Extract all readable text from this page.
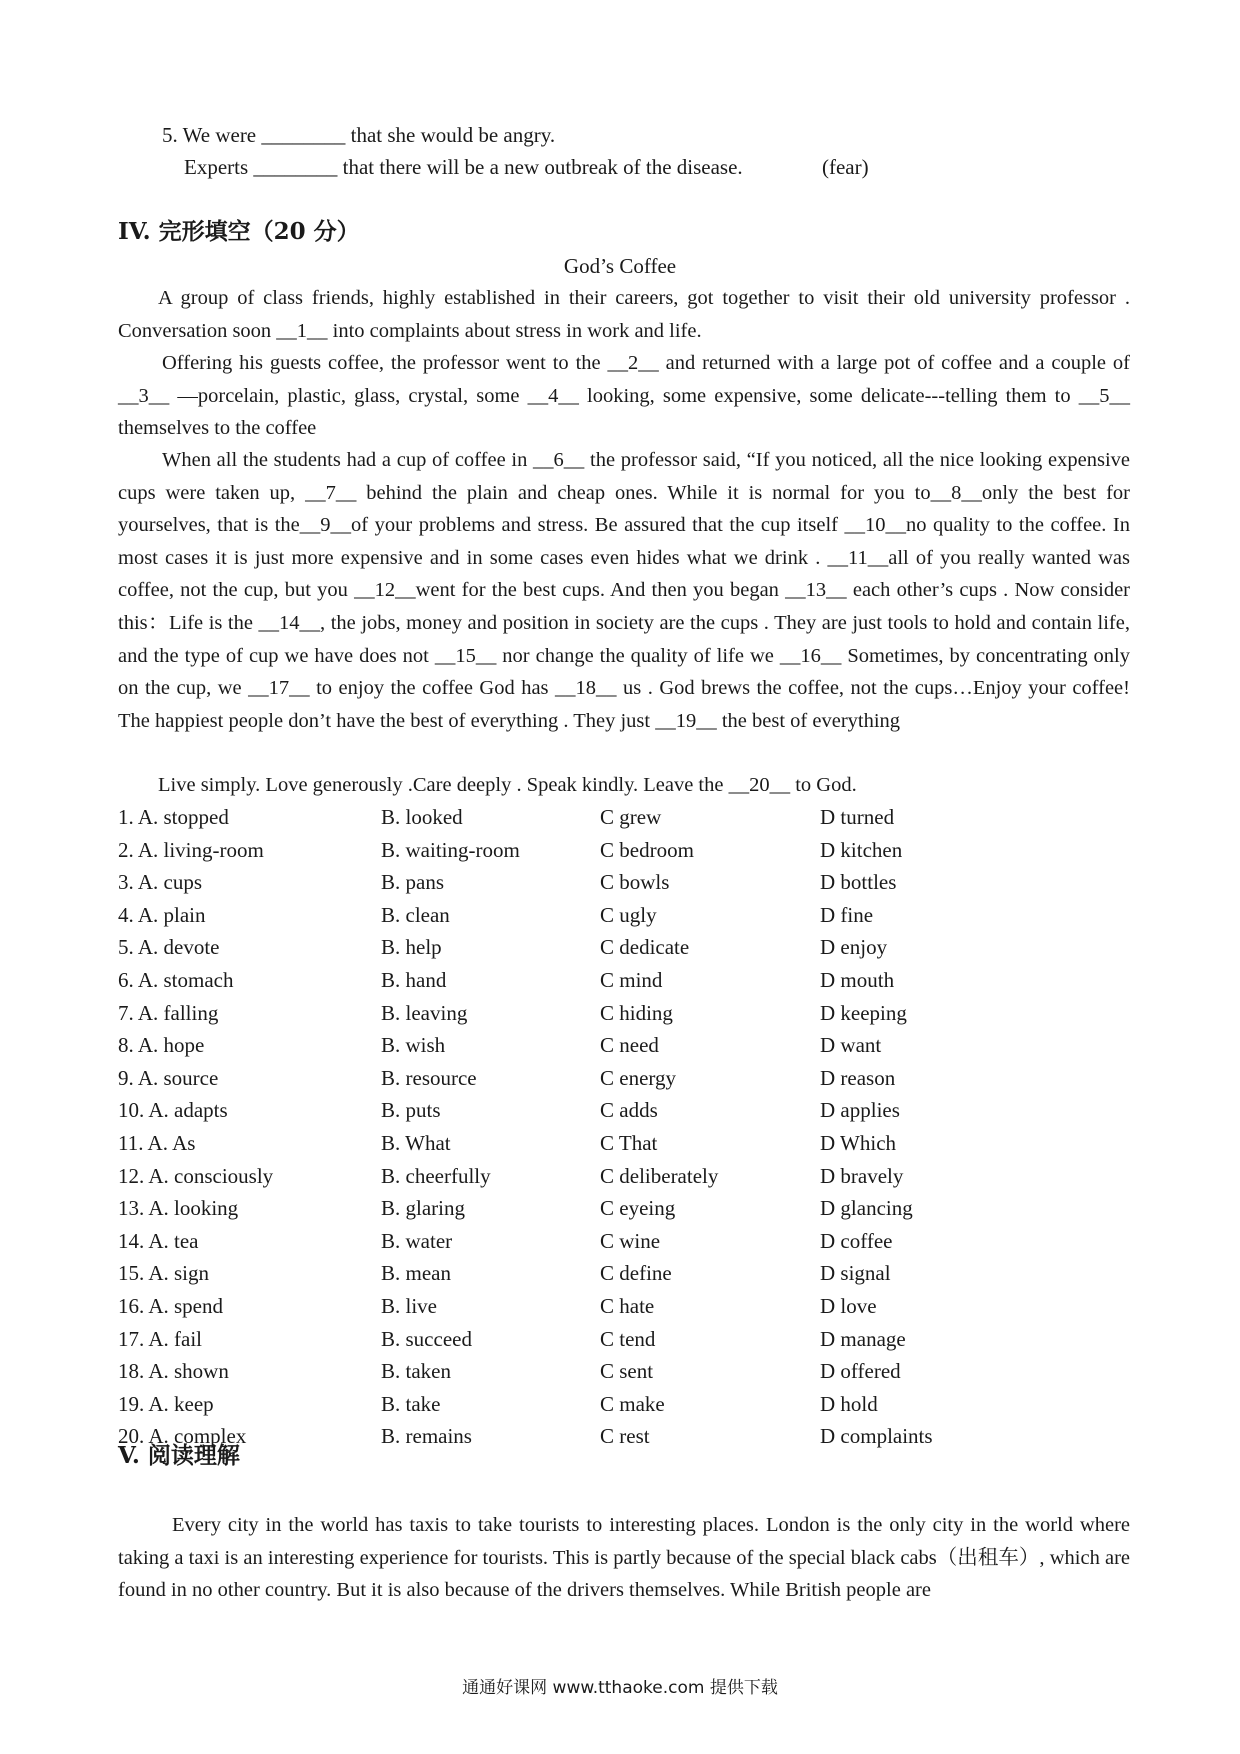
5. We were ________ that she would be angry.
Experts ________ that there will be a new outbreak of the disease.	(fear)
IV. 完形填空（20 分）
God’s Coffee
A group of class friends, highly established in their careers, got together to visit their old university professor . Conversation soon __1__ into complaints about stress in work and life.
Offering his guests coffee, the professor went to the __2__ and returned with a large pot of coffee and a couple of __3__ —porcelain, plastic, glass, crystal, some __4__ looking, some expensive, some delicate---telling them to __5__ themselves to the coffee
When all the students had a cup of coffee in __6__ the professor said, “If you noticed, all the nice looking expensive cups were taken up, __7__ behind the plain and cheap ones. While it is normal for you to__8__only the best for yourselves, that is the__9__of your problems and stress. Be assured that the cup itself __10__no quality to the coffee. In most cases it is just more expensive and in some cases even hides what we drink . __11__all of you really wanted was coffee, not the cup, but you __12__went for the best cups. And then you began __13__ each other’s cups . Now consider this：Life is the __14__, the jobs, money and position in society are the cups . They are just tools to hold and contain life, and the type of cup we have does not __15__ nor change the quality of life we __16__ Sometimes, by concentrating only on the cup, we __17__ to enjoy the coffee God has __18__ us . God brews the coffee, not the cups…Enjoy your coffee! The happiest people don’t have the best of everything . They just __19__ the best of everything
Live simply. Love generously .Care deeply . Speak kindly. Leave the __20__ to God.
1. A. stopped	B. looked	C grew	D turned
2. A. living-room	B. waiting-room	C bedroom	D kitchen
3. A. cups	B. pans	C bowls	D bottles
4. A. plain	B. clean	C ugly	D fine
5. A. devote	B. help	C dedicate	D enjoy
6. A. stomach	B. hand	C mind	D mouth
7. A. falling	B. leaving	C hiding	D keeping
8. A. hope	B. wish	C need	D want
9. A. source	B. resource	C energy	D reason
10. A. adapts	B. puts	C adds	D applies
11. A. As	B. What	C That	D Which
12. A. consciously	B. cheerfully	C deliberately	D bravely
13. A. looking	B. glaring	C eyeing	D glancing
14. A. tea	B. water	C wine	D coffee
15. A. sign	B. mean	C define	D signal
16. A. spend	B. live	C hate	D love
17. A. fail	B. succeed	C tend	D manage
18. A. shown	B. taken	C sent	D offered
19. A. keep	B. take	C make	D hold
20. A. complex	B. remains	C rest	D complaints
V. 阅读理解
Every city in the world has taxis to take tourists to interesting places. London is the only city in the world where taking a taxi is an interesting experience for tourists. This is partly because of the special black cabs（出租车）, which are found in no other country. But it is also because of the drivers themselves. While British people are
通通好课网 www.tthaoke.com 提供下载
